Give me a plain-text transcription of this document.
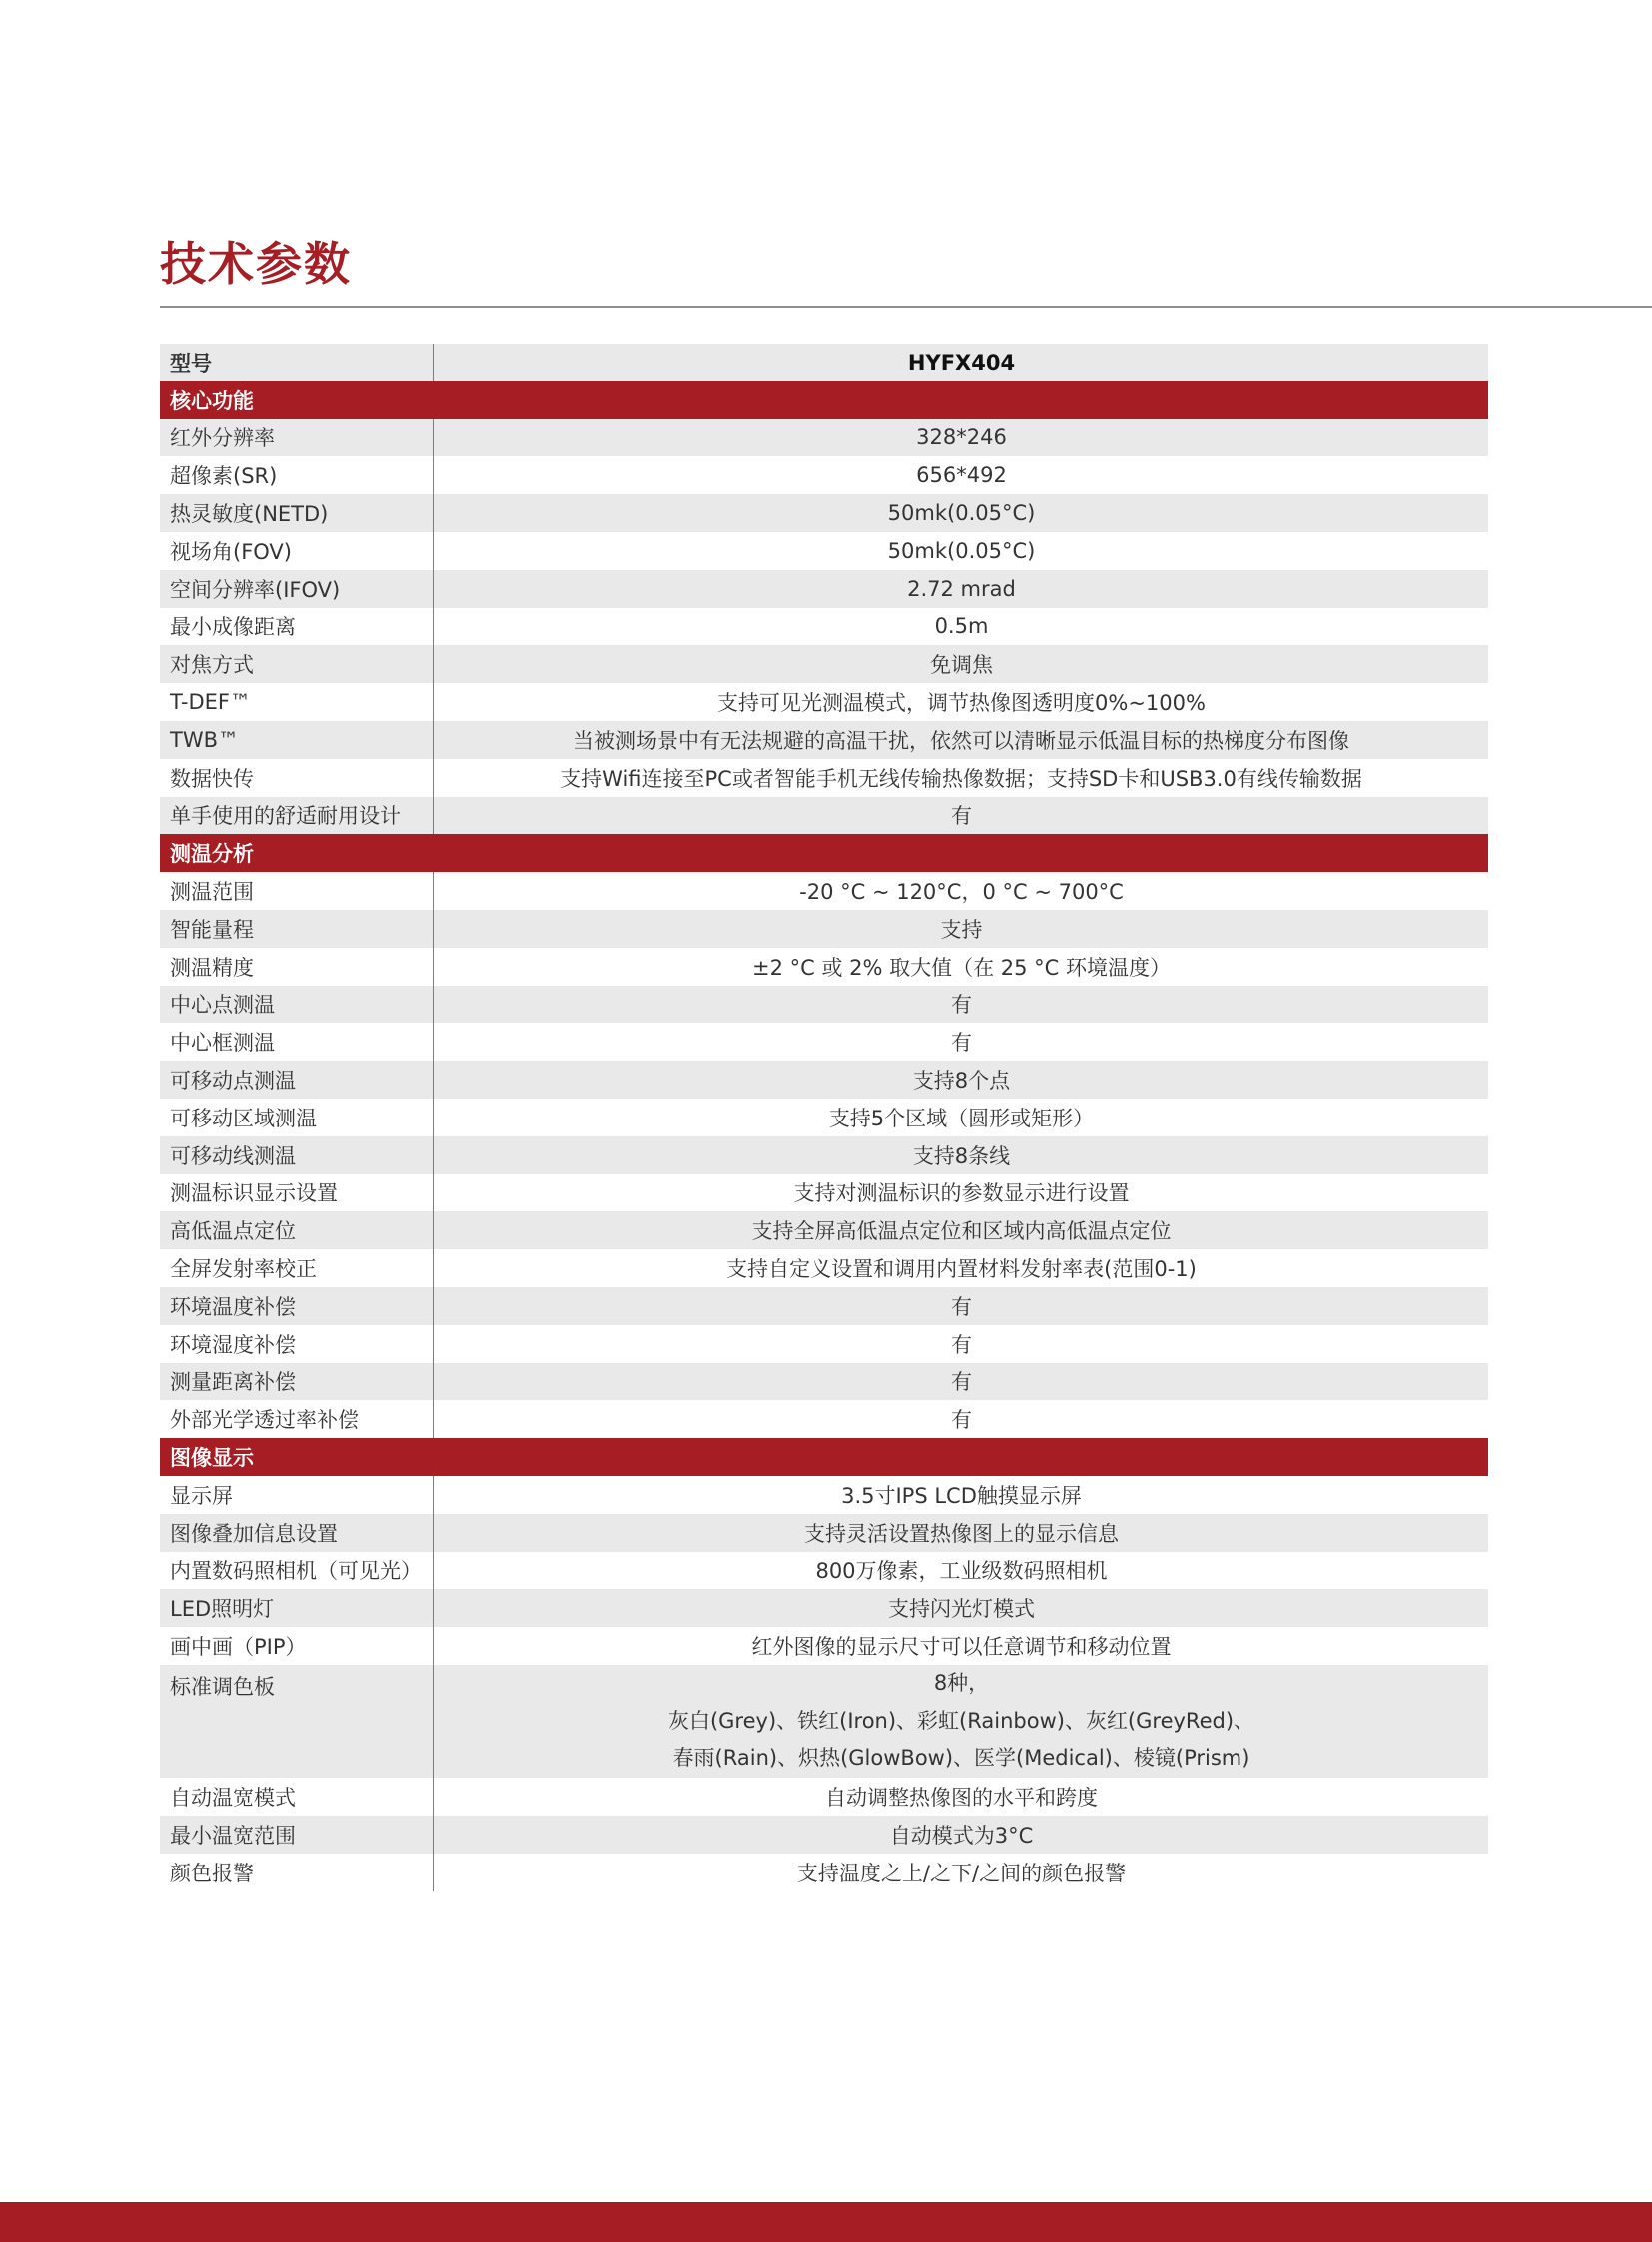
技术参数
型号	HYFX404
核心功能
红外分辨率	328*246
超像素(SR)	656*492
热灵敏度(NETD)	50mk(0.05°C)
视场角(FOV)	50mk(0.05°C)
空间分辨率(IFOV)	2.72 mrad
最小成像距离	0.5m
对焦方式	免调焦
T-DEF™	支持可见光测温模式，调节热像图透明度0%~100%
TWB™	当被测场景中有无法规避的高温干扰，依然可以清晰显示低温目标的热梯度分布图像
数据快传	支持Wifi连接至PC或者智能手机无线传输热像数据；支持SD卡和USB3.0有线传输数据
单手使用的舒适耐用设计	有
测温分析
测温范围	-20 °C ~ 120°C，0 °C ~ 700°C
智能量程	支持
测温精度	±2 °C 或 2% 取大值（在 25 °C 环境温度）
中心点测温	有
中心框测温	有
可移动点测温	支持8个点
可移动区域测温	支持5个区域（圆形或矩形）
可移动线测温	支持8条线
测温标识显示设置	支持对测温标识的参数显示进行设置
高低温点定位	支持全屏高低温点定位和区域内高低温点定位
全屏发射率校正	支持自定义设置和调用内置材料发射率表(范围0-1)
环境温度补偿	有
环境湿度补偿	有
测量距离补偿	有
外部光学透过率补偿	有
图像显示
显示屏	3.5寸IPS LCD触摸显示屏
图像叠加信息设置	支持灵活设置热像图上的显示信息
内置数码照相机（可见光）	800万像素，工业级数码照相机
LED照明灯	支持闪光灯模式
画中画（PIP）	红外图像的显示尺寸可以任意调节和移动位置
标准调色板	8种，
灰白(Grey)、铁红(Iron)、彩虹(Rainbow)、灰红(GreyRed)、
春雨(Rain)、炽热(GlowBow)、医学(Medical)、棱镜(Prism)
自动温宽模式	自动调整热像图的水平和跨度
最小温宽范围	自动模式为3°C
颜色报警	支持温度之上/之下/之间的颜色报警
